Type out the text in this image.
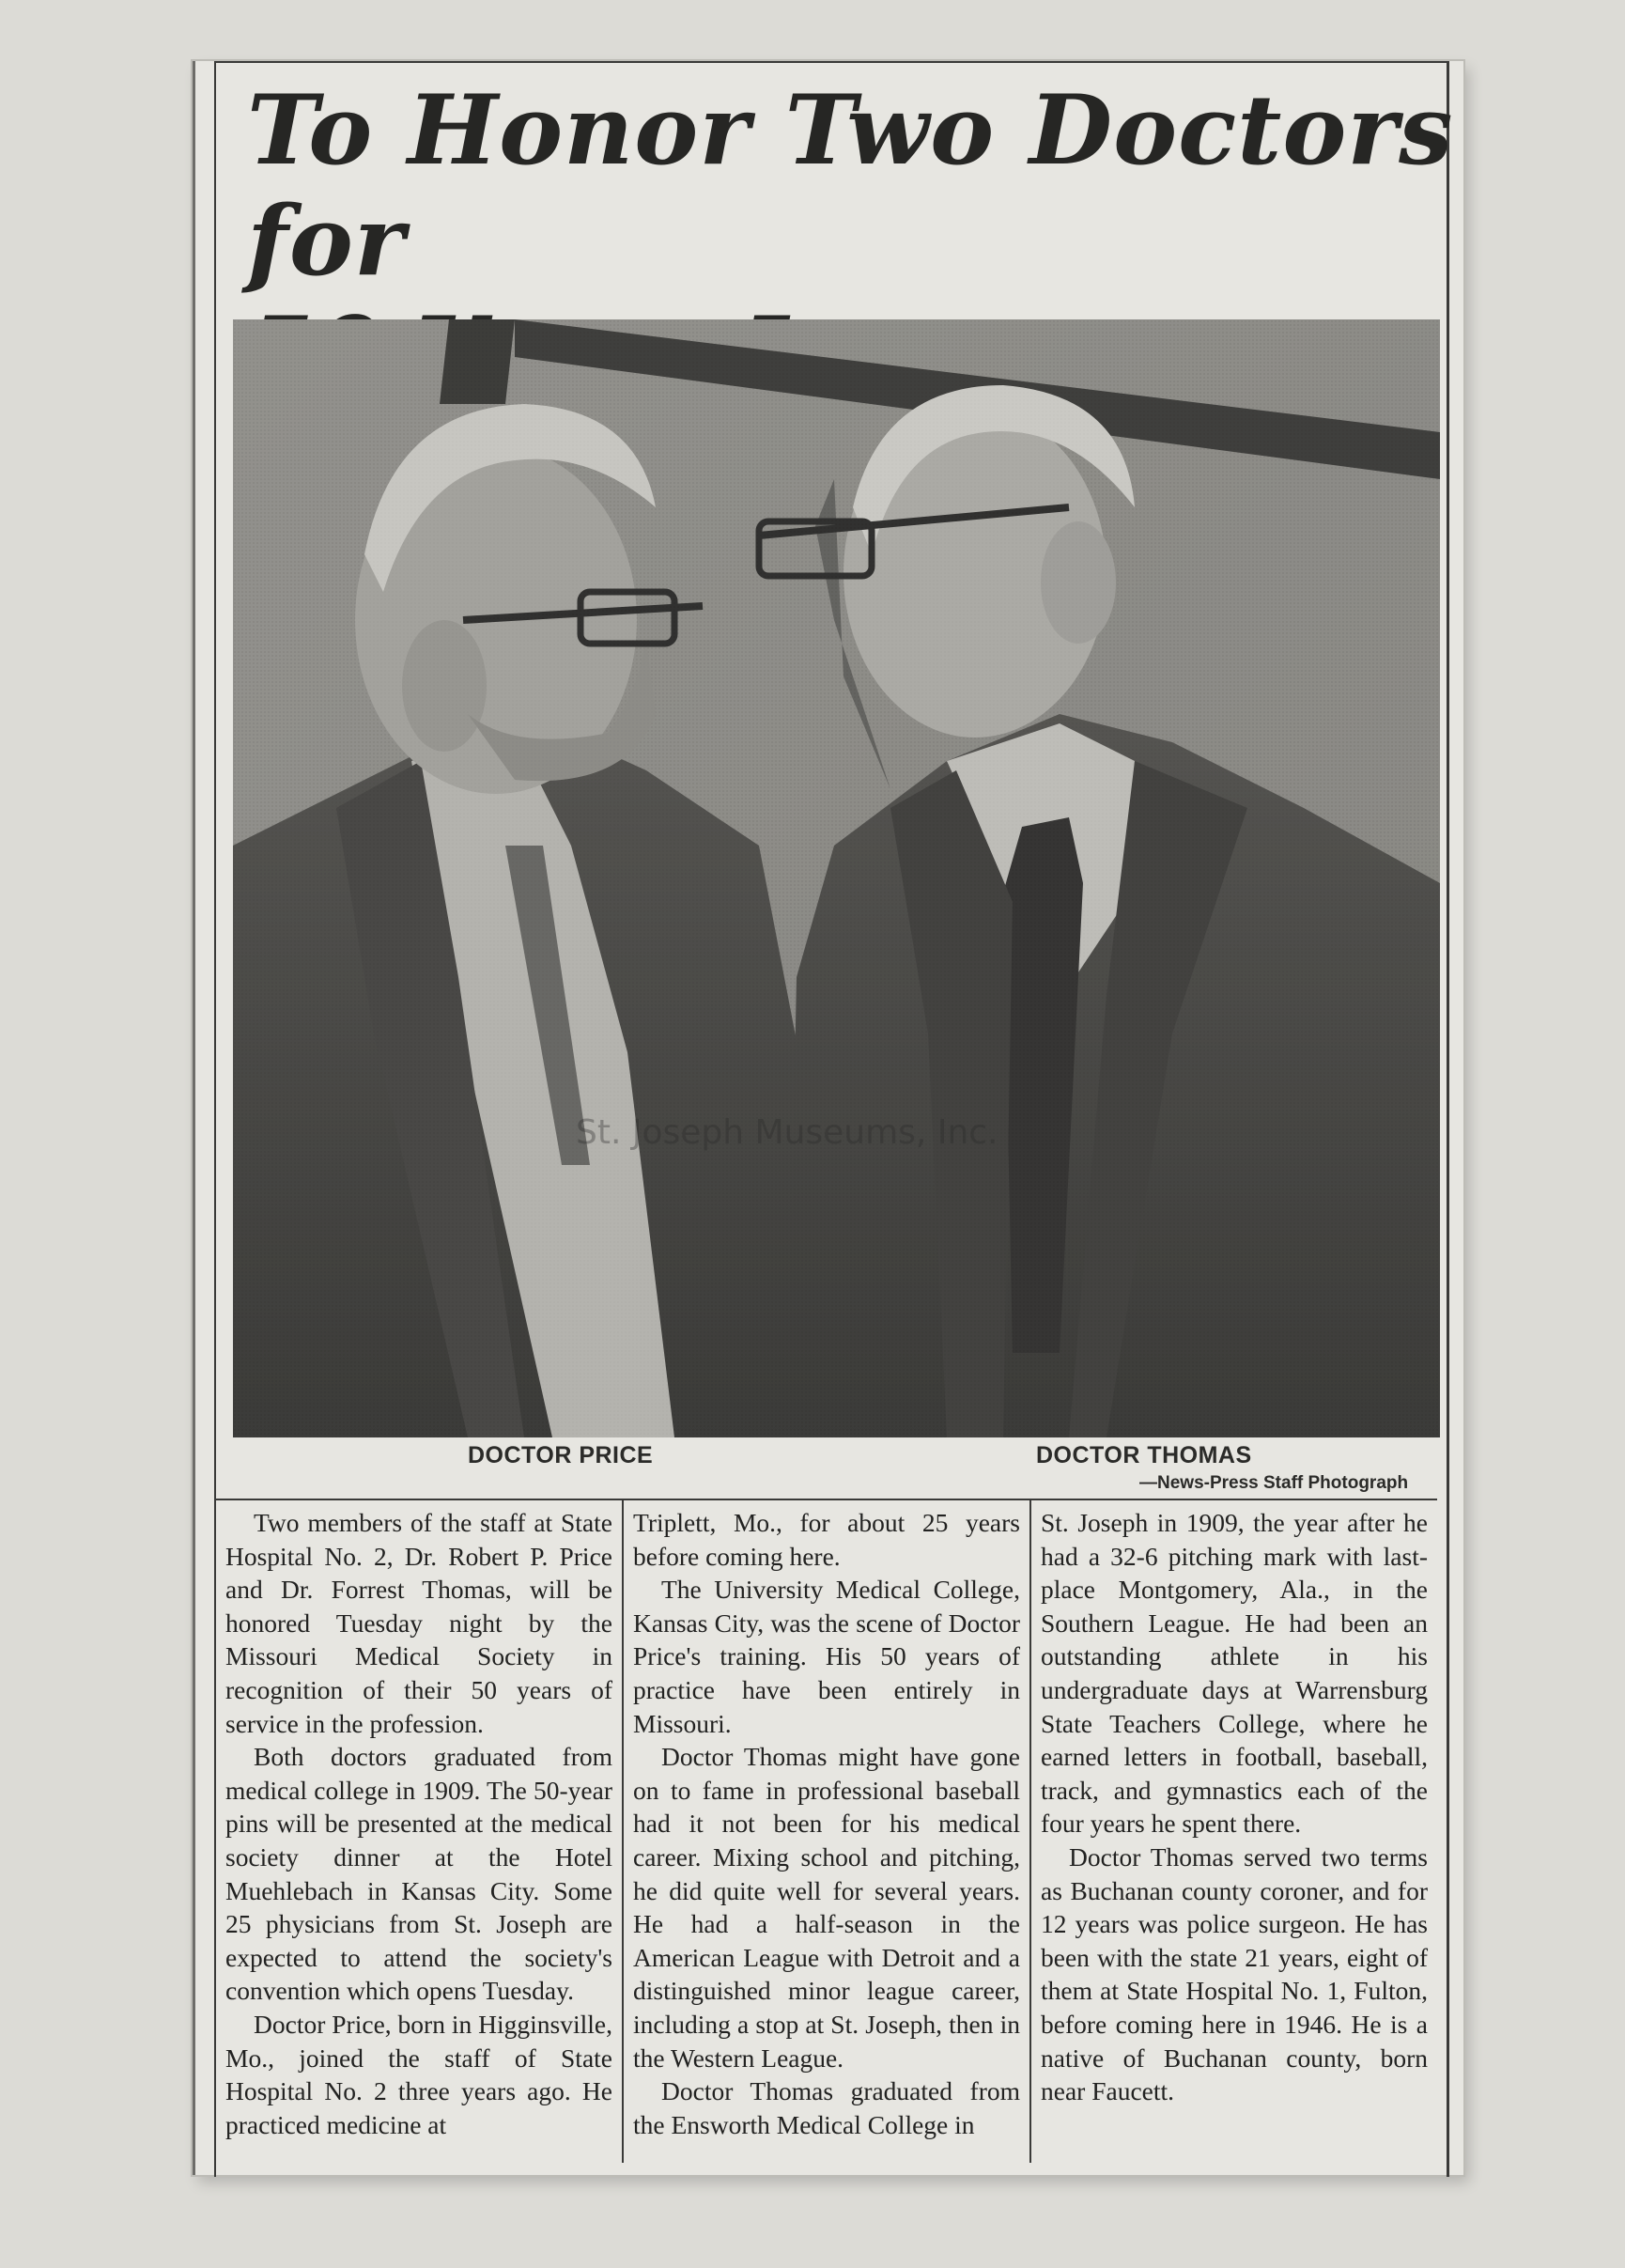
To Honor Two Doctors for

St. Joseph Museums, Inc.
DOCTOR PRICE	DOCTOR THOMAS
—News-Press Staff Photograph

Two members of the staff at State Hospital No. 2, Dr. Robert P. Price and Dr. Forrest Thomas, will be honored Tuesday night by the Missouri Medical Society in recognition of their 50 years of service in the profession.

Both doctors graduated from medical college in 1909. The 50-year pins will be presented at the medical society dinner at the Hotel Muehlebach in Kansas City. Some 25 physicians from St. Joseph are expected to attend the society's convention which opens Tuesday.

Doctor Price, born in Higginsville, Mo., joined the staff of State Hospital No. 2 three years ago. He practiced medicine at

Triplett, Mo., for about 25 years before coming here.

The University Medical College, Kansas City, was the scene of Doctor Price's training. His 50 years of practice have been entirely in Missouri.

Doctor Thomas might have gone on to fame in professional baseball had it not been for his medical career. Mixing school and pitching, he did quite well for several years. He had a half-season in the American League with Detroit and a distinguished minor league career, including a stop at St. Joseph, then in the Western League.

Doctor Thomas graduated from the Ensworth Medical College in

St. Joseph in 1909, the year after he had a 32-6 pitching mark with last-place Montgomery, Ala., in the Southern League. He had been an outstanding athlete in his undergraduate days at Warrensburg State Teachers College, where he earned letters in football, baseball, track, and gymnastics each of the four years he spent there.

Doctor Thomas served two terms as Buchanan county coroner, and for 12 years was police surgeon. He has been with the state 21 years, eight of them at State Hospital No. 1, Fulton, before coming here in 1946. He is a native of Buchanan county, born near Faucett.
